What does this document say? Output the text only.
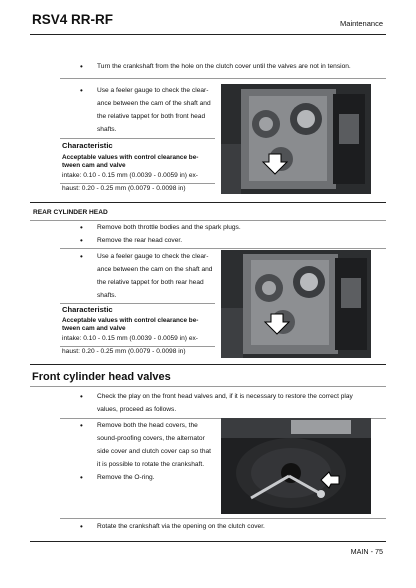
RSV4 RR-RF	Maintenance
• Turn the crankshaft from the hole on the clutch cover until the valves are not in tension.
• Use a feeler gauge to check the clear-
ance between the cam of the shaft and
the relative tappet for both front head
shafts.
Characteristic
Acceptable values with control clearance be-
tween cam and valve
intake: 0.10 - 0.15 mm (0.0039 - 0.0059 in) ex-
haust: 0.20 - 0.25 mm (0.0079 - 0.0098 in)
REAR CYLINDER HEAD
• Remove both throttle bodies and the spark plugs.
• Remove the rear head cover.
• Use a feeler gauge to check the clear-
ance between the cam on the shaft and
the relative tappet for both rear head
shafts.
Characteristic
Acceptable values with control clearance be-
tween cam and valve
intake: 0.10 - 0.15 mm (0.0039 - 0.0059 in) ex-
haust: 0.20 - 0.25 mm (0.0079 - 0.0098 in)
Front cylinder head valves
• Check the play on the front head valves and, if it is necessary to restore the correct play
values, proceed as follows.
• Remove both the head covers, the
sound-proofing covers, the alternator
side cover and clutch cover cap so that
it is possible to rotate the crankshaft.
• Remove the O-ring.
• Rotate the crankshaft via the opening on the clutch cover.
MAIN - 75
